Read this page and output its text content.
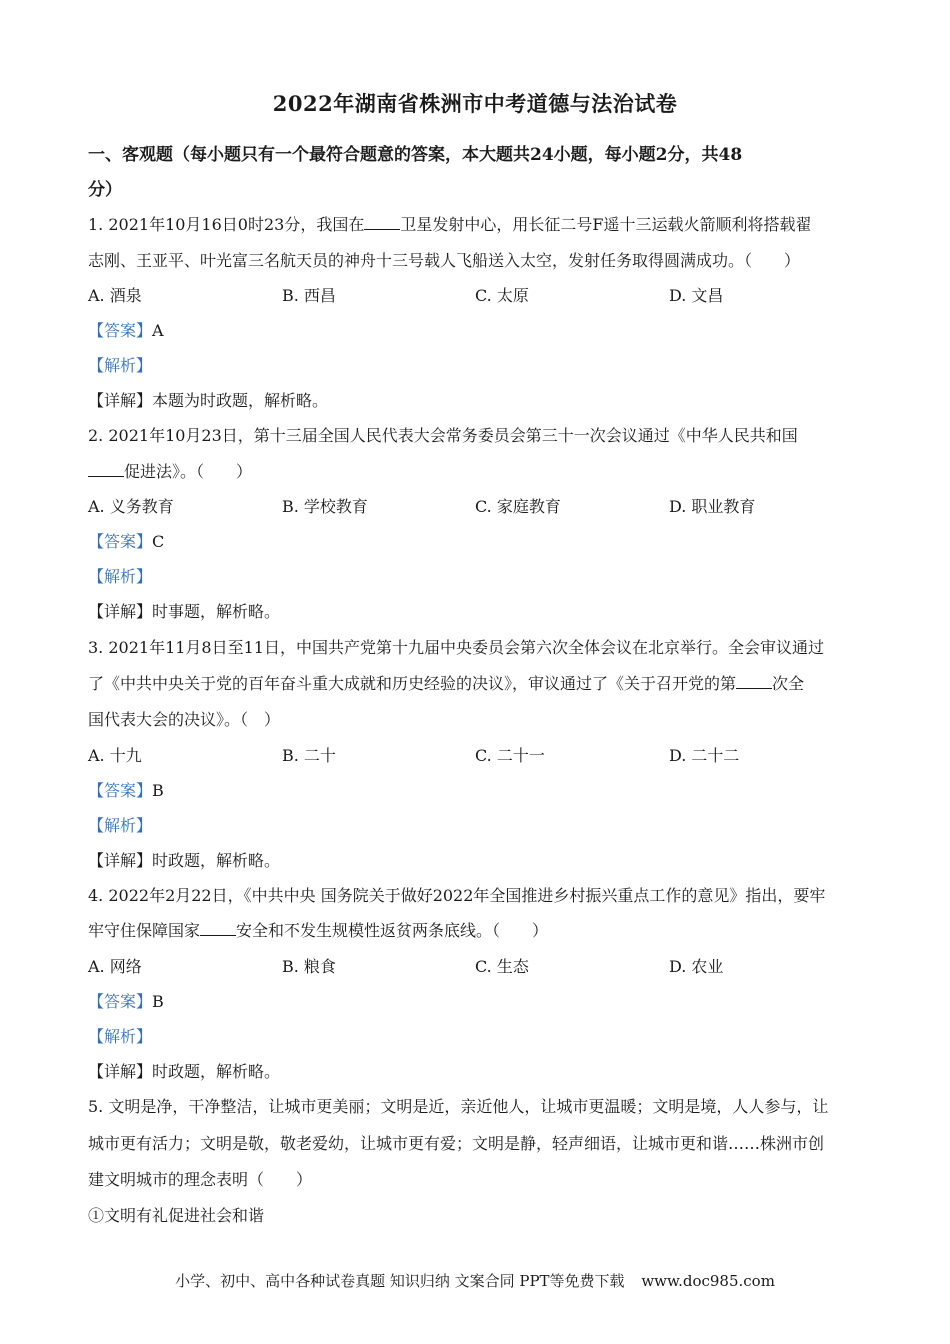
2022年湖南省株洲市中考道德与法治试卷
一、客观题（每小题只有一个最符合题意的答案，本大题共24小题，每小题2分，共48
分）
1. 2021年10月16日0时23分，我国在 卫星发射中心，用长征二号F遥十三运载火箭顺利将搭载翟
志刚、王亚平、叶光富三名航天员的神舟十三号载人飞船送入太空，发射任务取得圆满成功。（　　）
A. 酒泉	B. 西昌	C. 太原	D. 文昌
【答案】A
【解析】
【详解】本题为时政题，解析略。
2. 2021年10月23日，第十三届全国人民代表大会常务委员会第三十一次会议通过《中华人民共和国
促进法》。（　　）
A. 义务教育	B. 学校教育	C. 家庭教育	D. 职业教育
【答案】C
【解析】
【详解】时事题，解析略。
3. 2021年11月8日至11日，中国共产党第十九届中央委员会第六次全体会议在北京举行。全会审议通过
了《中共中央关于党的百年奋斗重大成就和历史经验的决议》，审议通过了《关于召开党的第 次全
国代表大会的决议》。（　）
A. 十九	B. 二十	C. 二十一	D. 二十二
【答案】B
【解析】
【详解】时政题，解析略。
4. 2022年2月22日，《中共中央 国务院关于做好2022年全国推进乡村振兴重点工作的意见》指出，要牢
牢守住保障国家 安全和不发生规模性返贫两条底线。（　　）
A. 网络	B. 粮食	C. 生态	D. 农业
【答案】B
【解析】
【详解】时政题，解析略。
5. 文明是净，干净整洁，让城市更美丽；文明是近，亲近他人，让城市更温暖；文明是境，人人参与，让
城市更有活力；文明是敬，敬老爱幼，让城市更有爱；文明是静，轻声细语，让城市更和谐……株洲市创
建文明城市的理念表明（　　）
①文明有礼促进社会和谐
小学、初中、高中各种试卷真题 知识归纳 文案合同 PPT等免费下载 www.doc985.com
